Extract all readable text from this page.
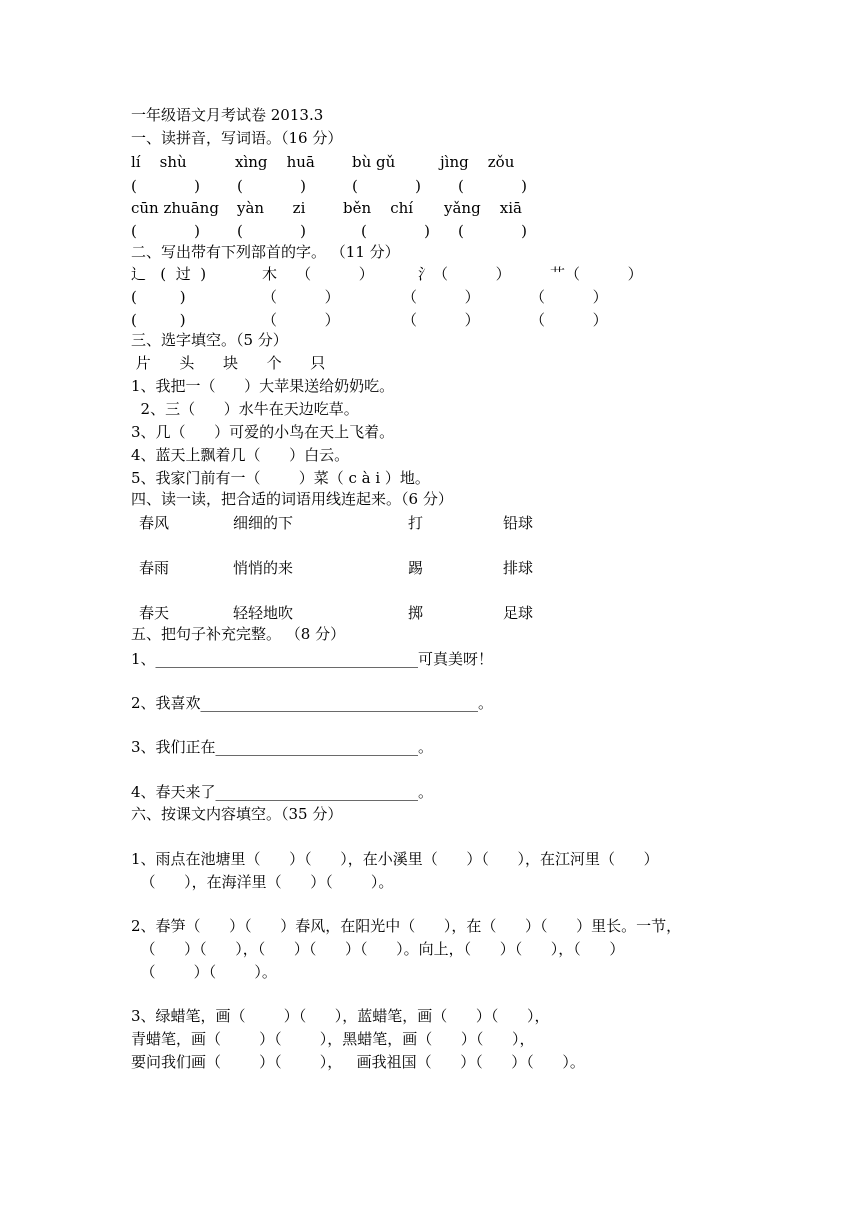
一年级语文月考试卷 2013.3
一、读拼音，写词语。（16 分）
lí    shù	xìng    huā bù gǔ	jìng    zǒu
(            ) (            )	(            ) (            )
cūn zhuāng yàn      zi	běn    chí yǎng    xiā
(            ) (            )	(            ) (            )
二、写出带有下列部首的字。 （11 分）
辶   (  过  )	木    （          ）	氵（          ）	艹（          ）
(         )	（          ）	（          ）	（          ）
(         )	（          ）	（          ）	（          ）
三、选字填空。（5 分）
片      头      块      个      只
1、我把一（      ）大苹果送给奶奶吃。
2、三（      ）水牛在天边吃草。
3、几（      ）可爱的小鸟在天上飞着。
4、蓝天上飘着几（      ）白云。
5、我家门前有一（        ）菜（ c à i ）地。
四、读一读，把合适的词语用线连起来。（6 分）
春风	细细的下	打	铅球
春雨	悄悄的来	踢	排球
春天	轻轻地吹	掷	足球
五、把句子补充完整。 （8 分）
1、___________________________________可真美呀！
2、我喜欢_____________________________________。
3、我们正在___________________________。
4、春天来了___________________________。
六、按课文内容填空。（35 分）
1、雨点在池塘里（      ）（      ），在小溪里（      ）（      ），在江河里（      ）
（      ），在海洋里（      ）（        ）。
2、春笋（      ）（      ）春风，在阳光中（      ），在（      ）（      ）里长。一节，
（      ）（      ），（      ）（      ）（      ）。向上，（      ）（      ），（      ）
（        ）（        ）。
3、绿蜡笔，画（        ）（      ），蓝蜡笔，画（      ）（      ），
青蜡笔，画（        ）（        ），黑蜡笔，画（      ）（      ），
要问我们画（        ）（        ），   画我祖国（      ）（      ）（      ）。
